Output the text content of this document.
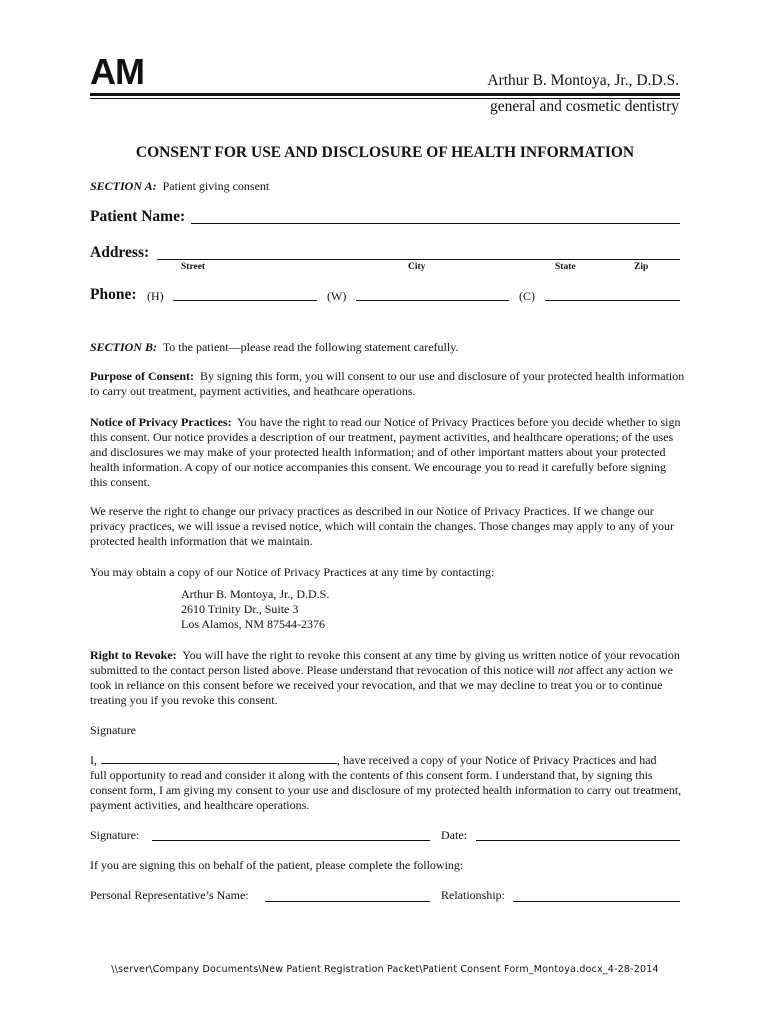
AM	Arthur B. Montoya, Jr., D.D.S.
general and cosmetic dentistry
CONSENT FOR USE AND DISCLOSURE OF HEALTH INFORMATION
SECTION A: Patient giving consent
Patient Name:
Address:
Street	City	State	Zip
Phone: (H)	(W)	(C)
SECTION B: To the patient—please read the following statement carefully.
Purpose of Consent: By signing this form, you will consent to our use and disclosure of your protected health information to carry out treatment, payment activities, and heathcare operations.
Notice of Privacy Practices: You have the right to read our Notice of Privacy Practices before you decide whether to sign this consent. Our notice provides a description of our treatment, payment activities, and healthcare operations; of the uses and disclosures we may make of your protected health information; and of other important matters about your protected health information. A copy of our notice accompanies this consent. We encourage you to read it carefully before signing this consent.
We reserve the right to change our privacy practices as described in our Notice of Privacy Practices. If we change our privacy practices, we will issue a revised notice, which will contain the changes. Those changes may apply to any of your protected health information that we maintain.
You may obtain a copy of our Notice of Privacy Practices at any time by contacting:
Arthur B. Montoya, Jr., D.D.S.
2610 Trinity Dr., Suite 3
Los Alamos, NM 87544-2376
Right to Revoke: You will have the right to revoke this consent at any time by giving us written notice of your revocation submitted to the contact person listed above. Please understand that revocation of this notice will not affect any action we took in reliance on this consent before we received your revocation, and that we may decline to treat you or to continue treating you if you revoke this consent.
Signature
I,	, have received a copy of your Notice of Privacy Practices and had
full opportunity to read and consider it along with the contents of this consent form. I understand that, by signing this consent form, I am giving my consent to your use and disclosure of my protected health information to carry out treatment, payment activities, and healthcare operations.
Signature:	Date:
If you are signing this on behalf of the patient, please complete the following:
Personal Representative’s Name:	Relationship:
\\server\Company Documents\New Patient Registration Packet\Patient Consent Form_Montoya.docx_4-28-2014
